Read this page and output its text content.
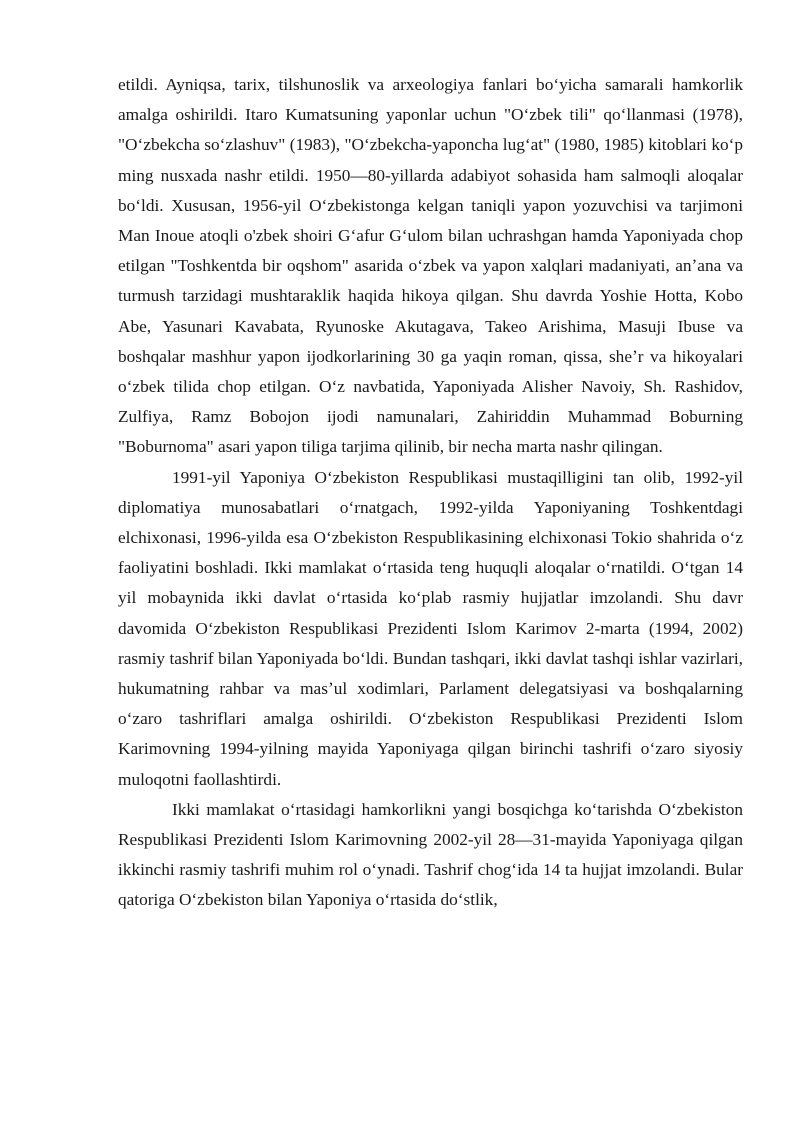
etildi. Ayniqsa, tarix, tilshunoslik va arxeologiya fanlari boʻyicha samarali hamkorlik amalga oshirildi. Itaro Kumatsuning yaponlar uchun "Oʻzbek tili" qoʻllanmasi (1978), "Oʻzbekcha soʻzlashuv" (1983), "Oʻzbekcha-yaponcha lugʻat" (1980, 1985) kitoblari koʻp ming nusxada nashr etildi. 1950—80-yillarda adabiyot sohasida ham salmoqli aloqalar boʻldi. Xususan, 1956-yil Oʻzbekistonga kelgan taniqli yapon yozuvchisi va tarjimoni Man Inoue atoqli o'zbek shoiri Gʻafur Gʻulom bilan uchrashgan hamda Yaponiyada chop etilgan "Toshkentda bir oqshom" asarida oʻzbek va yapon xalqlari madaniyati, anʼana va turmush tarzidagi mushtaraklik haqida hikoya qilgan. Shu davrda Yoshie Hotta, Kobo Abe, Yasunari Kavabata, Ryunoske Akutagava, Takeo Arishima, Masuji Ibuse va boshqalar mashhur yapon ijodkorlarining 30 ga yaqin roman, qissa, sheʼr va hikoyalari oʻzbek tilida chop etilgan. Oʻz navbatida, Yaponiyada Alisher Navoiy, Sh. Rashidov, Zulfiya, Ramz Bobojon ijodi namunalari, Zahiriddin Muhammad Boburning "Boburnoma" asari yapon tiliga tarjima qilinib, bir necha marta nashr qilingan.

1991-yil Yaponiya Oʻzbekiston Respublikasi mustaqilligini tan olib, 1992-yil diplomatiya munosabatlari oʻrnatgach, 1992-yilda Yaponiyaning Toshkentdagi elchixonasi, 1996-yilda esa Oʻzbekiston Respublikasining elchixonasi Tokio shahrida oʻz faoliyatini boshladi. Ikki mamlakat oʻrtasida teng huquqli aloqalar oʻrnatildi. Oʻtgan 14 yil mobaynida ikki davlat oʻrtasida koʻplab rasmiy hujjatlar imzolandi. Shu davr davomida Oʻzbekiston Respublikasi Prezidenti Islom Karimov 2-marta (1994, 2002) rasmiy tashrif bilan Yaponiyada boʻldi. Bundan tashqari, ikki davlat tashqi ishlar vazirlari, hukumatning rahbar va masʼul xodimlari, Parlament delegatsiyasi va boshqalarning oʻzaro tashriflari amalga oshirildi. Oʻzbekiston Respublikasi Prezidenti Islom Karimovning 1994-yilning mayida Yaponiyaga qilgan birinchi tashrifi oʻzaro siyosiy muloqotni faollashtirdi.

Ikki mamlakat oʻrtasidagi hamkorlikni yangi bosqichga koʻtarishda Oʻzbekiston Respublikasi Prezidenti Islom Karimovning 2002-yil 28—31-mayida Yaponiyaga qilgan ikkinchi rasmiy tashrifi muhim rol oʻynadi. Tashrif chogʻida 14 ta hujjat imzolandi. Bular qatoriga Oʻzbekiston bilan Yaponiya oʻrtasida doʻstlik,
